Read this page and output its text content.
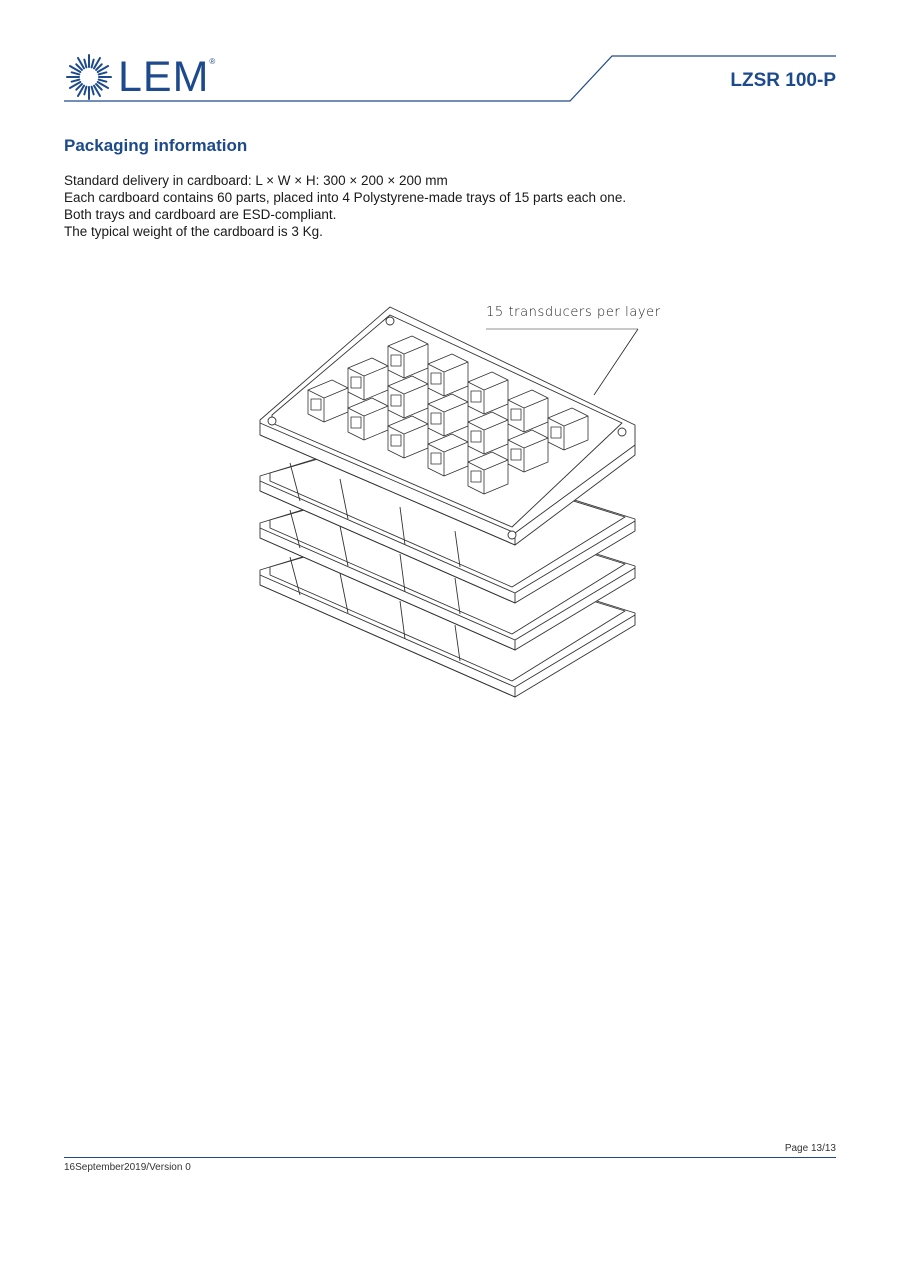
LEM ®
LZSR 100-P
Packaging information
Standard delivery in cardboard: L × W × H: 300 × 200 × 200 mm
Each cardboard contains 60 parts, placed into 4 Polystyrene-made trays of 15 parts each one.
Both trays and cardboard are ESD-compliant.
The typical weight of the cardboard is 3 Kg.
15 transducers per layer
Page 13/13
16September2019/Version 0
